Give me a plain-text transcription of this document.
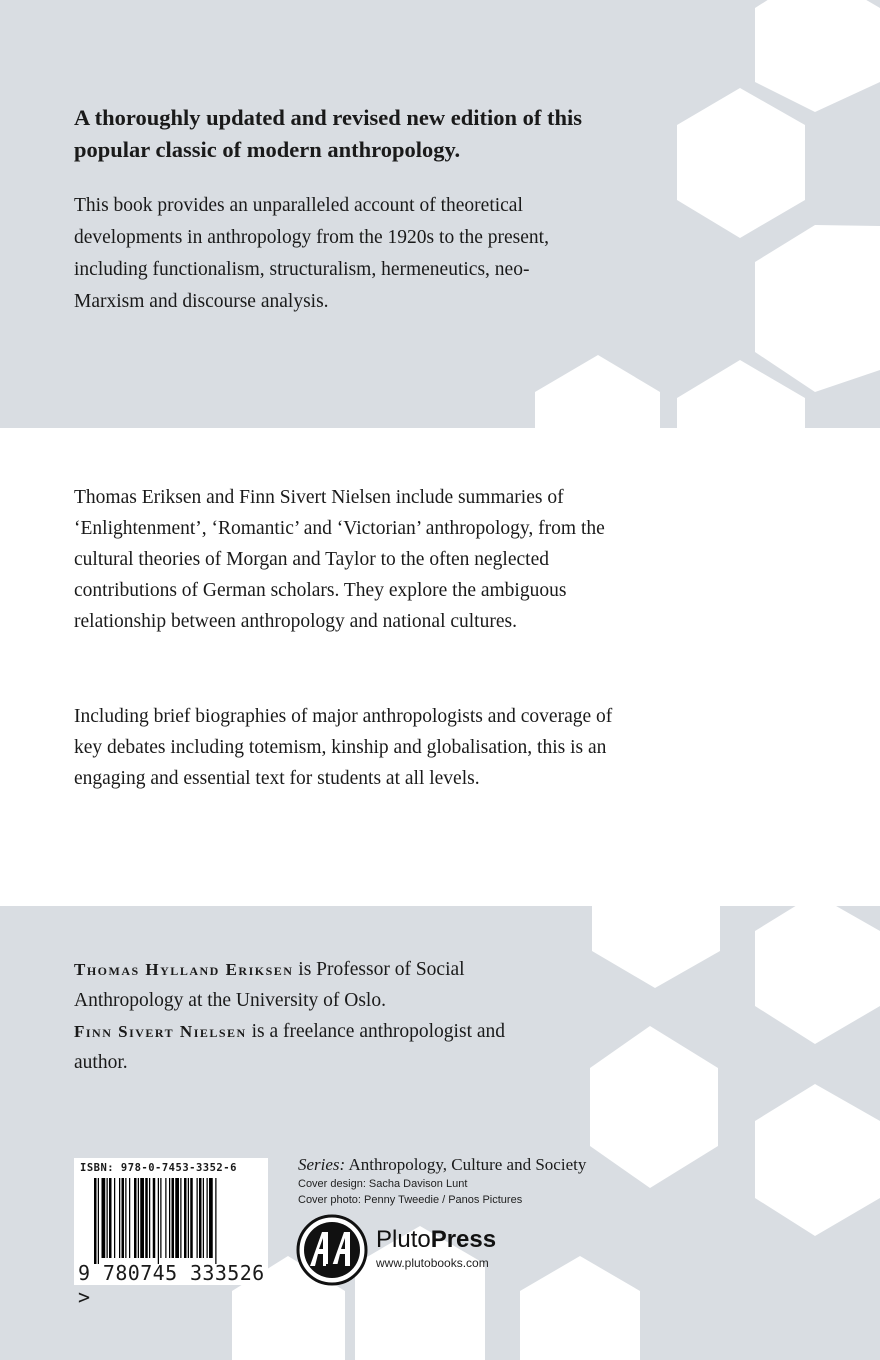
A thoroughly updated and revised new edition of this popular classic of modern anthropology.

This book provides an unparalleled account of theoretical developments in anthropology from the 1920s to the present, including functionalism, structuralism, hermeneutics, neo-Marxism and discourse analysis.

Thomas Eriksen and Finn Sivert Nielsen include summaries of ‘Enlightenment’, ‘Romantic’ and ‘Victorian’ anthropology, from the cultural theories of Morgan and Taylor to the often neglected contributions of German scholars. They explore the ambiguous relationship between anthropology and national cultures.

Including brief biographies of major anthropologists and coverage of key debates including totemism, kinship and globalisation, this is an engaging and essential text for students at all levels.

Thomas Hylland Eriksen is Professor of Social Anthropology at the University of Oslo.
Finn Sivert Nielsen is a freelance anthropologist and author.

ISBN: 978-0-7453-3352-6
9 780745 333526 >
Series: Anthropology, Culture and Society
Cover design: Sacha Davison Lunt
Cover photo: Penny Tweedie / Panos Pictures
PlutoPress
www.plutobooks.com
